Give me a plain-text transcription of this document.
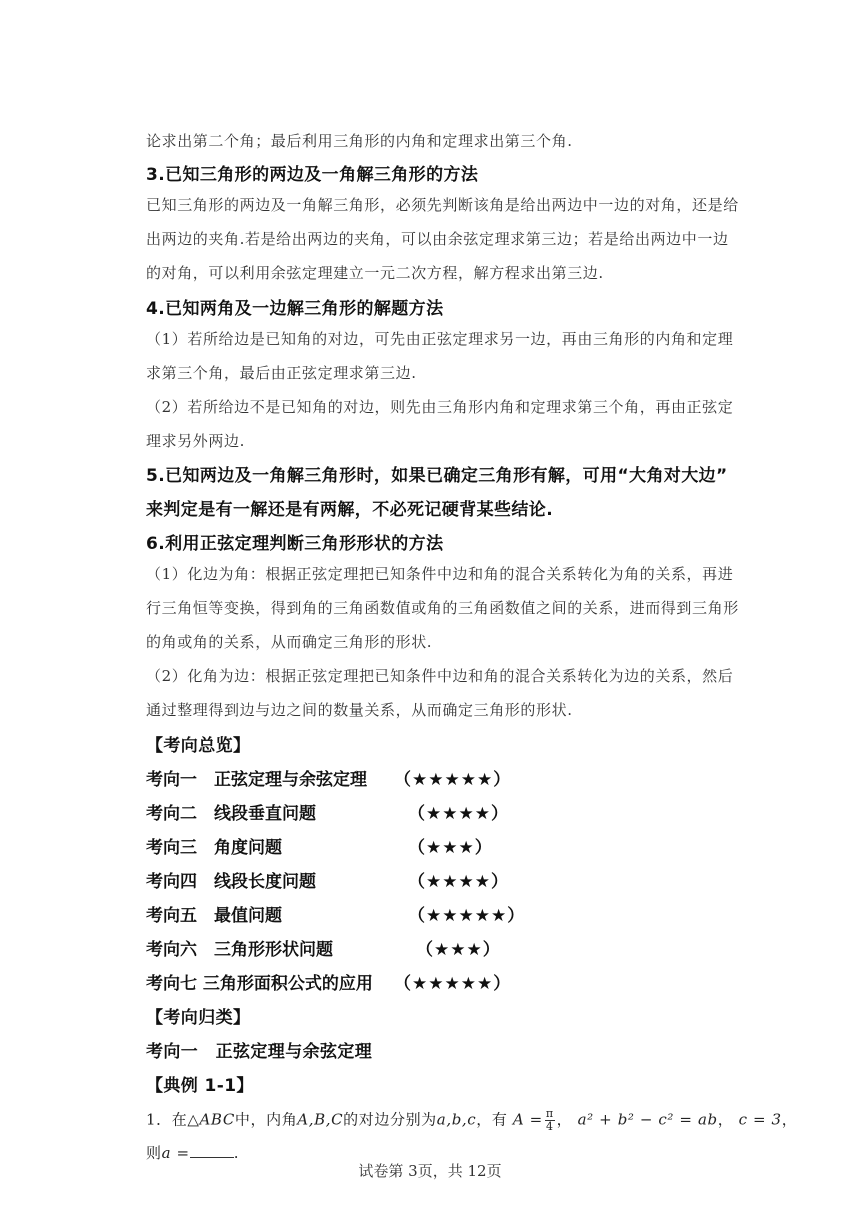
论求出第二个角；最后利用三角形的内角和定理求出第三个角.
3.已知三角形的两边及一角解三角形的方法
已知三角形的两边及一角解三角形，必须先判断该角是给出两边中一边的对角，还是给
出两边的夹角.若是给出两边的夹角，可以由余弦定理求第三边；若是给出两边中一边
的对角，可以利用余弦定理建立一元二次方程，解方程求出第三边.
4.已知两角及一边解三角形的解题方法
（1）若所给边是已知角的对边，可先由正弦定理求另一边，再由三角形的内角和定理
求第三个角，最后由正弦定理求第三边.
（2）若所给边不是已知角的对边，则先由三角形内角和定理求第三个角，再由正弦定
理求另外两边.
5.已知两边及一角解三角形时，如果已确定三角形有解，可用“大角对大边”
来判定是有一解还是有两解，不必死记硬背某些结论.
6.利用正弦定理判断三角形形状的方法
（1）化边为角：根据正弦定理把已知条件中边和角的混合关系转化为角的关系，再进
行三角恒等变换，得到角的三角函数值或角的三角函数值之间的关系，进而得到三角形
的角或角的关系，从而确定三角形的形状.
（2）化角为边：根据正弦定理把已知条件中边和角的混合关系转化为边的关系，然后
通过整理得到边与边之间的数量关系，从而确定三角形的形状.
【考向总览】
考向一　正弦定理与余弦定理 （★★★★★）
考向二　线段垂直问题	（★★★★）
考向三　角度问题	（★★★）
考向四　线段长度问题	（★★★★）
考向五　最值问题	（★★★★★）
考向六　三角形形状问题	（★★★）
考向七 三角形面积公式的应用 （★★★★★）
【考向归类】
考向一　正弦定理与余弦定理
【典例 1-1】
1．在△ABC中，内角A,B,C的对边分别为a,b,c，有 $A = \frac{\pi}{4}$ ， a² + b² − c² = ab， c = 3，
则a =	.
试卷第 3页，共 12页
